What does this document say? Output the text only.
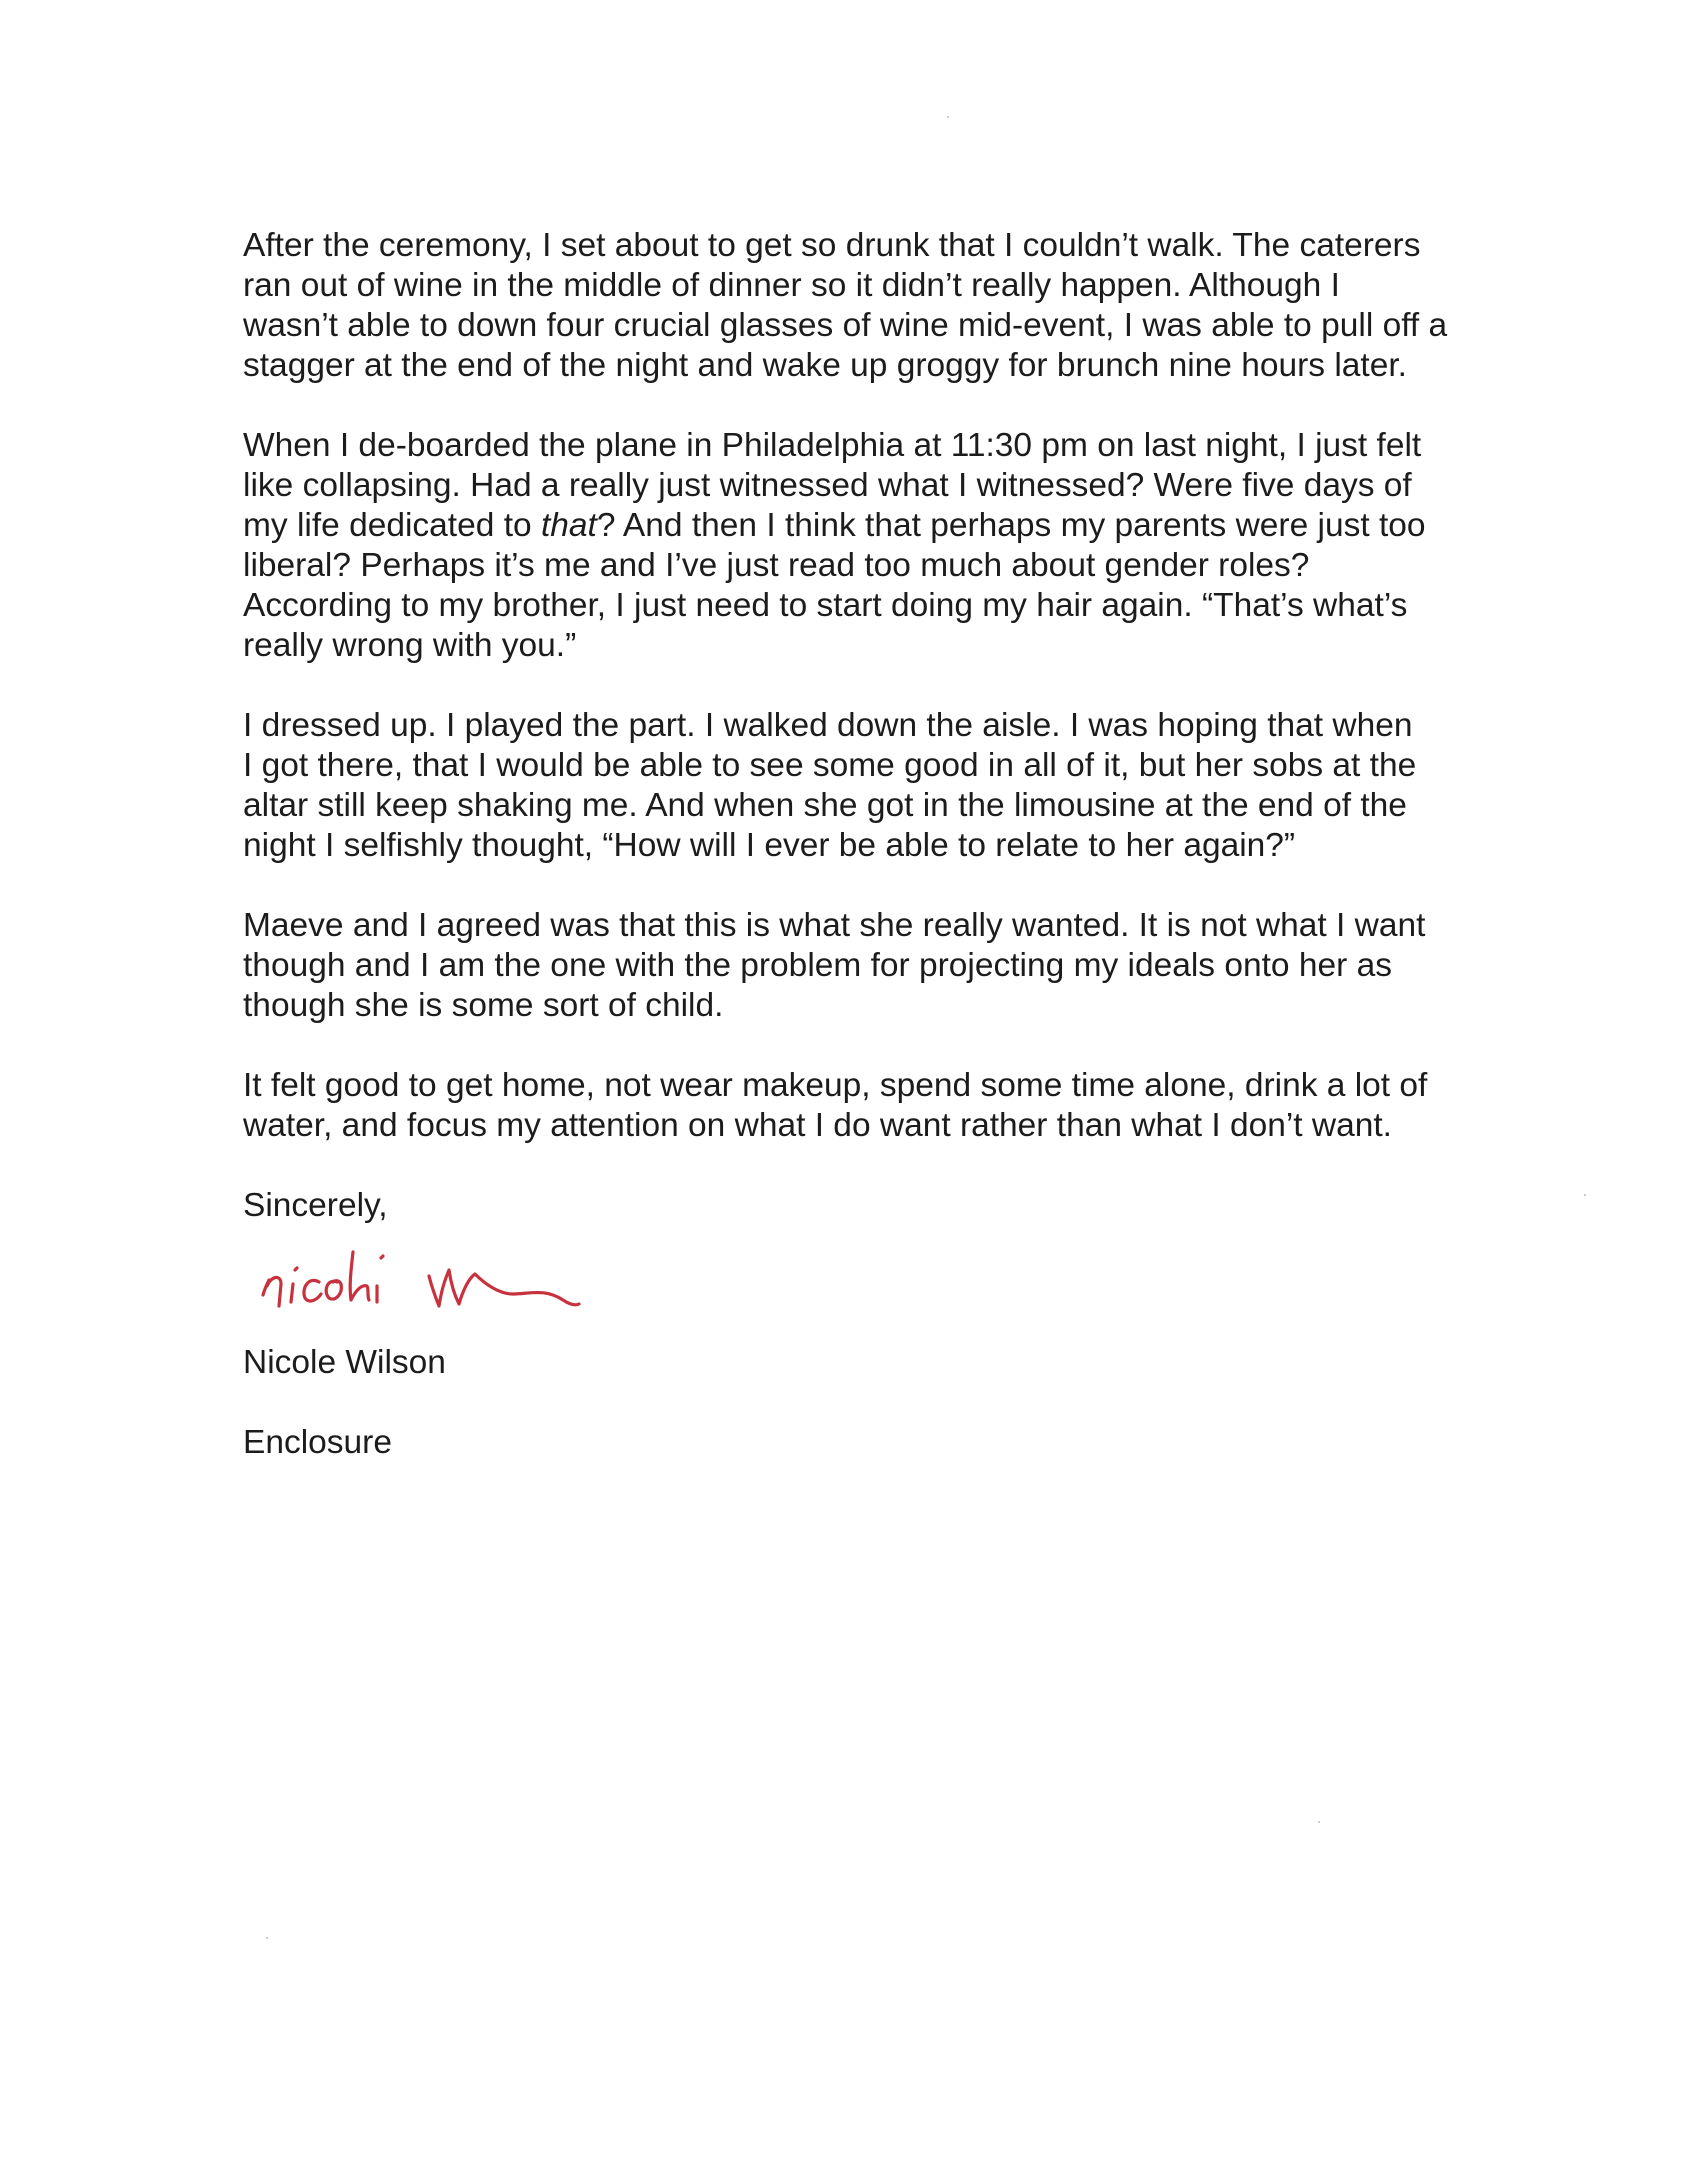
After the ceremony, I set about to get so drunk that I couldn’t walk. The caterers
ran out of wine in the middle of dinner so it didn’t really happen. Although I
wasn’t able to down four crucial glasses of wine mid-event, I was able to pull off a
stagger at the end of the night and wake up groggy for brunch nine hours later.

When I de-boarded the plane in Philadelphia at 11:30 pm on last night, I just felt
like collapsing. Had a really just witnessed what I witnessed? Were five days of
my life dedicated to that? And then I think that perhaps my parents were just too
liberal? Perhaps it’s me and I’ve just read too much about gender roles?
According to my brother, I just need to start doing my hair again. “That’s what’s
really wrong with you.”

I dressed up. I played the part. I walked down the aisle. I was hoping that when
I got there, that I would be able to see some good in all of it, but her sobs at the
altar still keep shaking me. And when she got in the limousine at the end of the
night I selfishly thought, “How will I ever be able to relate to her again?”

Maeve and I agreed was that this is what she really wanted. It is not what I want
though and I am the one with the problem for projecting my ideals onto her as
though she is some sort of child.

It felt good to get home, not wear makeup, spend some time alone, drink a lot of
water, and focus my attention on what I do want rather than what I don’t want.

Sincerely,

Nicole Wilson

Enclosure
